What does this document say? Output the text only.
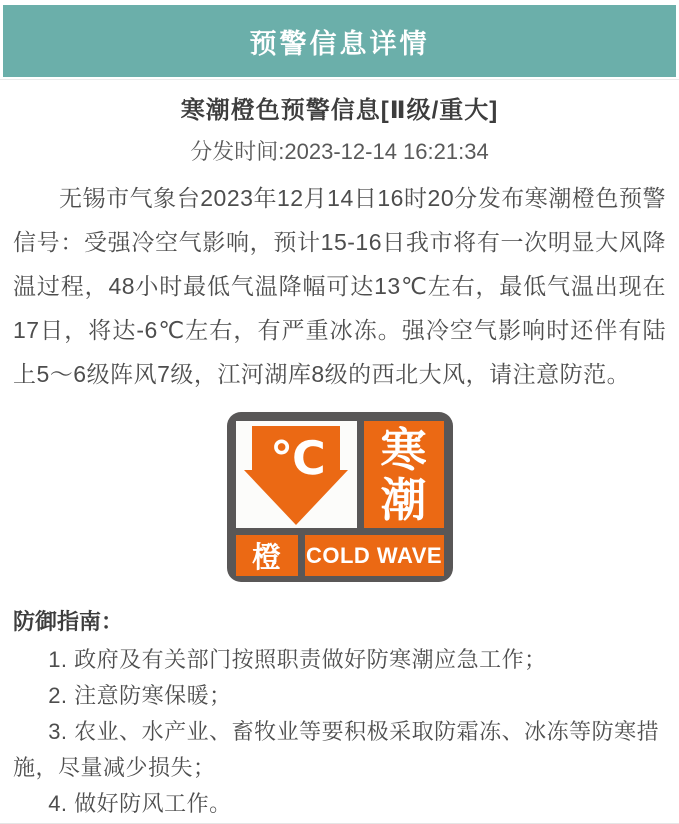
预警信息详情
寒潮橙色预警信息[Ⅱ级/重大]
分发时间:2023-12-14 16:21:34

无锡市气象台2023年12月14日16时20分发布寒潮橙色预警信号：受强冷空气影响，预计15-16日我市将有一次明显大风降温过程，48小时最低气温降幅可达13℃左右，最低气温出现在17日，将达-6℃左右，有严重冰冻。强冷空气影响时还伴有陆上5～6级阵风7级，江河湖库8级的西北大风，请注意防范。

℃ 寒
潮
橙 COLD WAVE
防御指南：

1. 政府及有关部门按照职责做好防寒潮应急工作；

2. 注意防寒保暖；

3. 农业、水产业、畜牧业等要积极采取防霜冻、冰冻等防寒措施，尽量减少损失；

4. 做好防风工作。
